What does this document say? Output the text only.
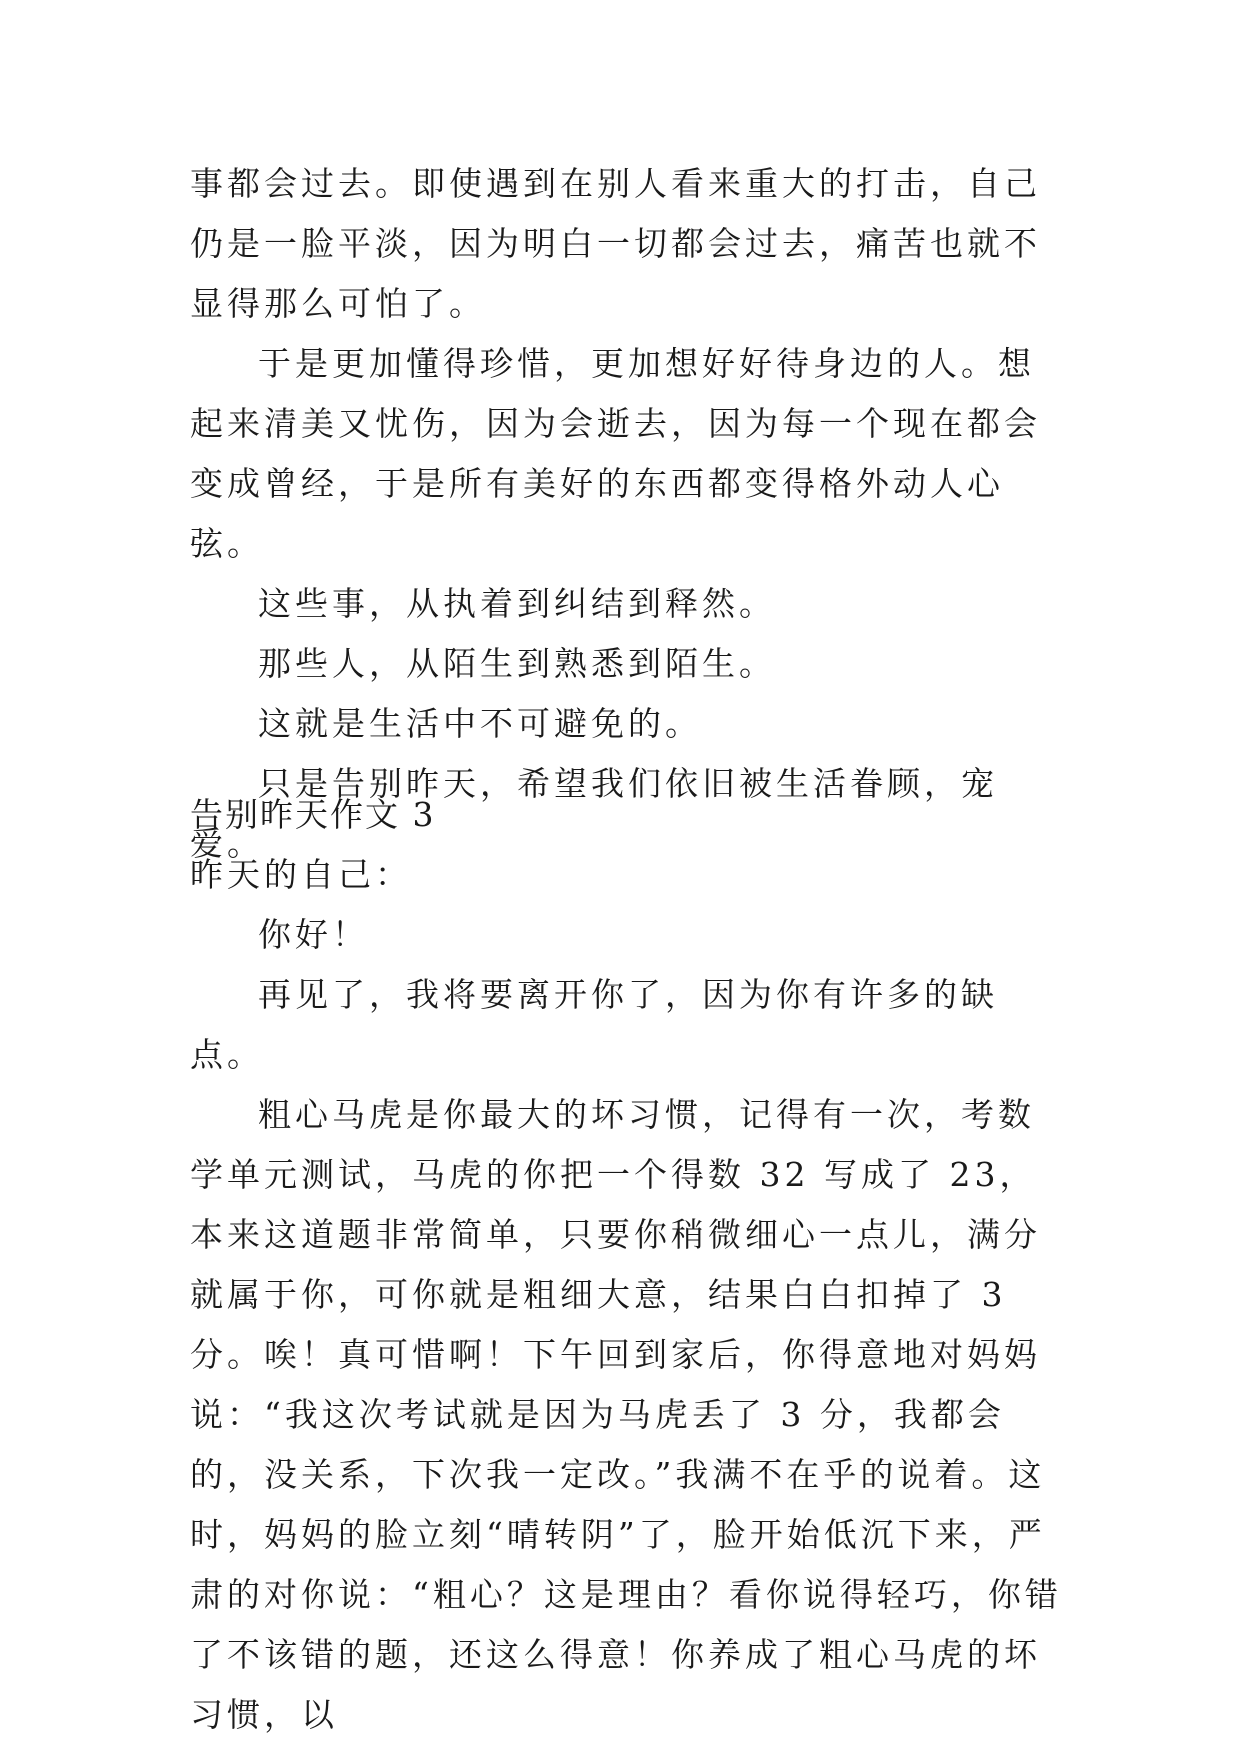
事都会过去。即使遇到在别人看来重大的打击，自己仍是一脸平淡，因为明白一切都会过去，痛苦也就不显得那么可怕了。

于是更加懂得珍惜，更加想好好待身边的人。想起来清美又忧伤，因为会逝去，因为每一个现在都会变成曾经，于是所有美好的东西都变得格外动人心弦。

这些事，从执着到纠结到释然。

那些人，从陌生到熟悉到陌生。

这就是生活中不可避免的。

只是告别昨天，希望我们依旧被生活眷顾，宠爱。

告别昨天作文 3

昨天的自己：

你好！

再见了，我将要离开你了，因为你有许多的缺点。

粗心马虎是你最大的坏习惯，记得有一次，考数学单元测试，马虎的你把一个得数 32 写成了 23，本来这道题非常简单，只要你稍微细心一点儿，满分就属于你，可你就是粗细大意，结果白白扣掉了 3 分。唉！真可惜啊！下午回到家后，你得意地对妈妈说：“我这次考试就是因为马虎丢了 3 分，我都会的，没关系，下次我一定改。”我满不在乎的说着。这时，妈妈的脸立刻“晴转阴”了，脸开始低沉下来，严肃的对你说：“粗心？这是理由？看你说得轻巧，你错了不该错的题，还这么得意！你养成了粗心马虎的坏习惯，以
